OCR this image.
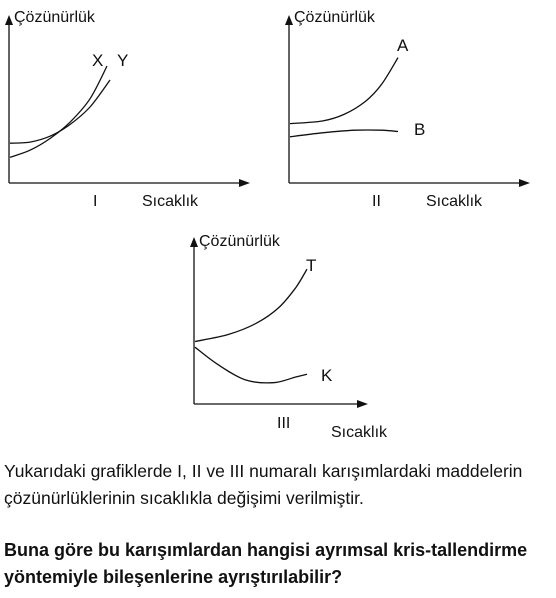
Çözünürlük
Sıcaklık
I
X Y
Çözünürlük
Sıcaklık
II
A
B
Çözünürlük
Sıcaklık
III
T
K

Yukarıdaki grafiklerde I, II ve III numaralı karışımlardaki maddelerin çözünürlüklerinin sıcaklıkla değişimi verilmiştir.

Buna göre bu karışımlardan hangisi ayrımsal kris-tallendirme yöntemiyle bileşenlerine ayrıştırılabilir?
